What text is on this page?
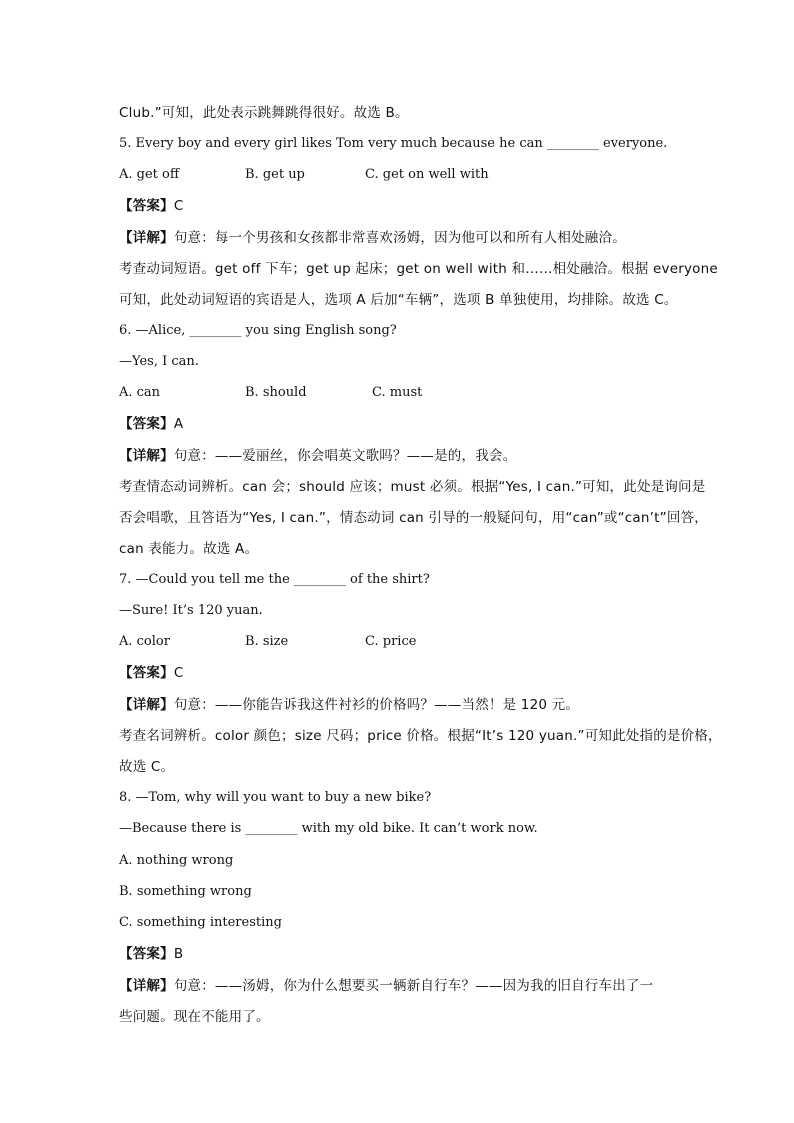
Club.”可知，此处表示跳舞跳得很好。故选 B。
5. Every boy and every girl likes Tom very much because he can ________ everyone.
A. get off	B. get up	C. get on well with
【答案】C
【详解】句意：每一个男孩和女孩都非常喜欢汤姆，因为他可以和所有人相处融洽。
考查动词短语。get off 下车；get up 起床；get on well with 和……相处融洽。根据 everyone
可知，此处动词短语的宾语是人，选项 A 后加“车辆”，选项 B 单独使用，均排除。故选 C。
6. —Alice, ________ you sing English song?
—Yes, I can.
A. can	B. should	C. must
【答案】A
【详解】句意：——爱丽丝，你会唱英文歌吗？——是的，我会。
考查情态动词辨析。can 会；should 应该；must 必须。根据“Yes, I can.”可知，此处是询问是
否会唱歌，且答语为“Yes, I can.”，情态动词 can 引导的一般疑问句，用“can”或“can’t”回答，
can 表能力。故选 A。
7. —Could you tell me the ________ of the shirt?
—Sure! It’s 120 yuan.
A. color	B. size	C. price
【答案】C
【详解】句意：——你能告诉我这件衬衫的价格吗？——当然！是 120 元。
考查名词辨析。color 颜色；size 尺码；price 价格。根据“It’s 120 yuan.”可知此处指的是价格，
故选 C。
8. —Tom, why will you want to buy a new bike?
—Because there is ________ with my old bike. It can’t work now.
A. nothing wrong
B. something wrong
C. something interesting
【答案】B
【详解】句意：——汤姆，你为什么想要买一辆新自行车？——因为我的旧自行车出了一
些问题。现在不能用了。
